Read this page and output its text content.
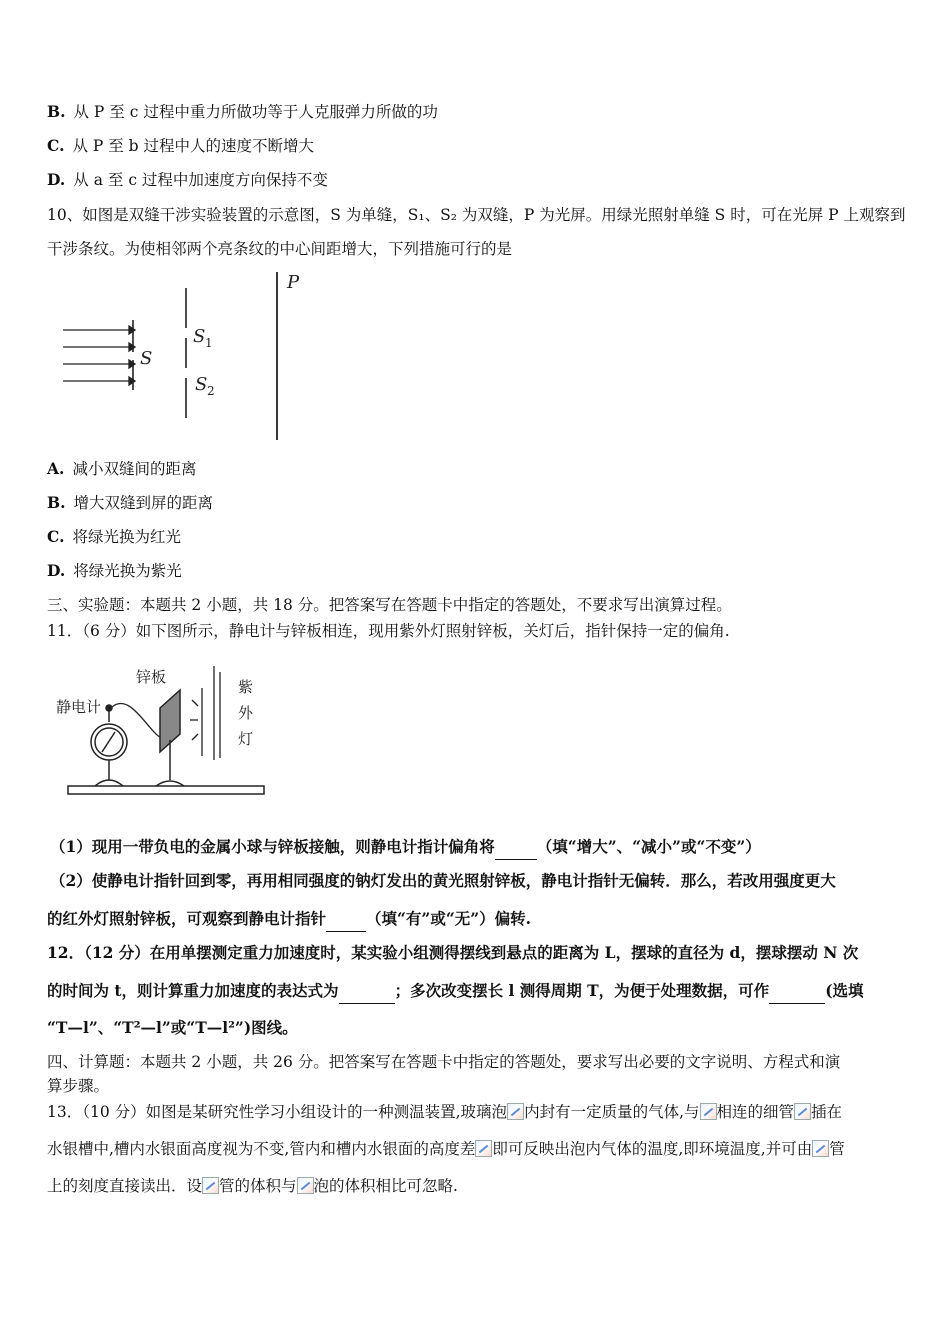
B. 从 P 至 c 过程中重力所做功等于人克服弹力所做的功
C. 从 P 至 b 过程中人的速度不断增大
D. 从 a 至 c 过程中加速度方向保持不变
10、如图是双缝干涉实验装置的示意图，S 为单缝，S₁、S₂ 为双缝，P 为光屏。用绿光照射单缝 S 时，可在光屏 P 上观察到干涉条纹。为使相邻两个亮条纹的中心间距增大，下列措施可行的是
S
S 1
S 2
P
A. 减小双缝间的距离
B. 增大双缝到屏的距离
C. 将绿光换为红光
D. 将绿光换为紫光
三、实验题：本题共 2 小题，共 18 分。把答案写在答题卡中指定的答题处，不要求写出演算过程。
11．（6 分）如下图所示，静电计与锌板相连，现用紫外灯照射锌板，关灯后，指针保持一定的偏角.
锌板
静电计
紫
外
灯
（1）现用一带负电的金属小球与锌板接触，则静电计指计偏角将	（填“增大”、“减小”或“不变”）
（2）使静电计指针回到零，再用相同强度的钠灯发出的黄光照射锌板，静电计指针无偏转．那么，若改用强度更大
的红外灯照射锌板，可观察到静电计指针	（填“有”或“无”）偏转.
12．（12 分）在用单摆测定重力加速度时，某实验小组测得摆线到悬点的距离为 L，摆球的直径为 d，摆球摆动 N 次
的时间为 t，则计算重力加速度的表达式为	；多次改变摆长 l 测得周期 T，为便于处理数据，可作	(选填
“T—l”、“T²—l”或“T—l²”)图线。
四、计算题：本题共 2 小题，共 26 分。把答案写在答题卡中指定的答题处，要求写出必要的文字说明、方程式和演
算步骤。
13．（10 分）如图是某研究性学习小组设计的一种测温装置,玻璃泡 内封有一定质量的气体,与 相连的细管 插在
水银槽中,槽内水银面高度视为不变,管内和槽内水银面的高度差 即可反映出泡内气体的温度,即环境温度,并可由 管
上的刻度直接读出．设 管的体积与 泡的体积相比可忽略.
